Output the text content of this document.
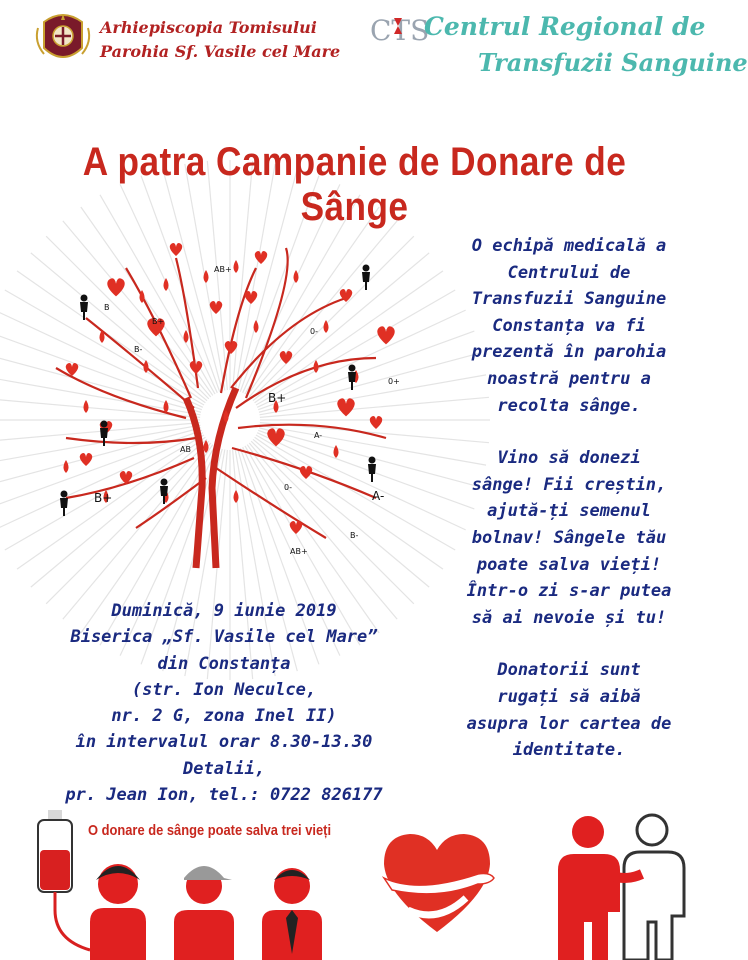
Arhiepiscopia Tomisului
Parohia Sf. Vasile cel Mare
CTS
Centrul Regional de
Transfuzii Sanguine
A patra Campanie de Donare de Sânge
AB+
B
B+
B-
0-
0+
B+
A-
AB
0-
A-
B+
AB+
B-

O echipă medicală a
Centrului de
Transfuzii Sanguine
Constanța va fi
prezentă în parohia
noastră pentru a
recolta sânge.

Vino să donezi
sânge! Fii creștin,
ajută-ți semenul
bolnav! Sângele tău
poate salva vieți!
Într-o zi s-ar putea
să ai nevoie și tu!

Donatorii sunt
rugați să aibă
asupra lor cartea de
identitate.

Duminică, 9 iunie 2019
Biserica „Sf. Vasile cel Mare”
din Constanța
(str. Ion Neculce,
nr. 2 G, zona Inel II)
în intervalul orar 8.30-13.30
Detalii,
pr. Jean Ion, tel.: 0722 826177
O donare de sânge poate salva trei vieți
